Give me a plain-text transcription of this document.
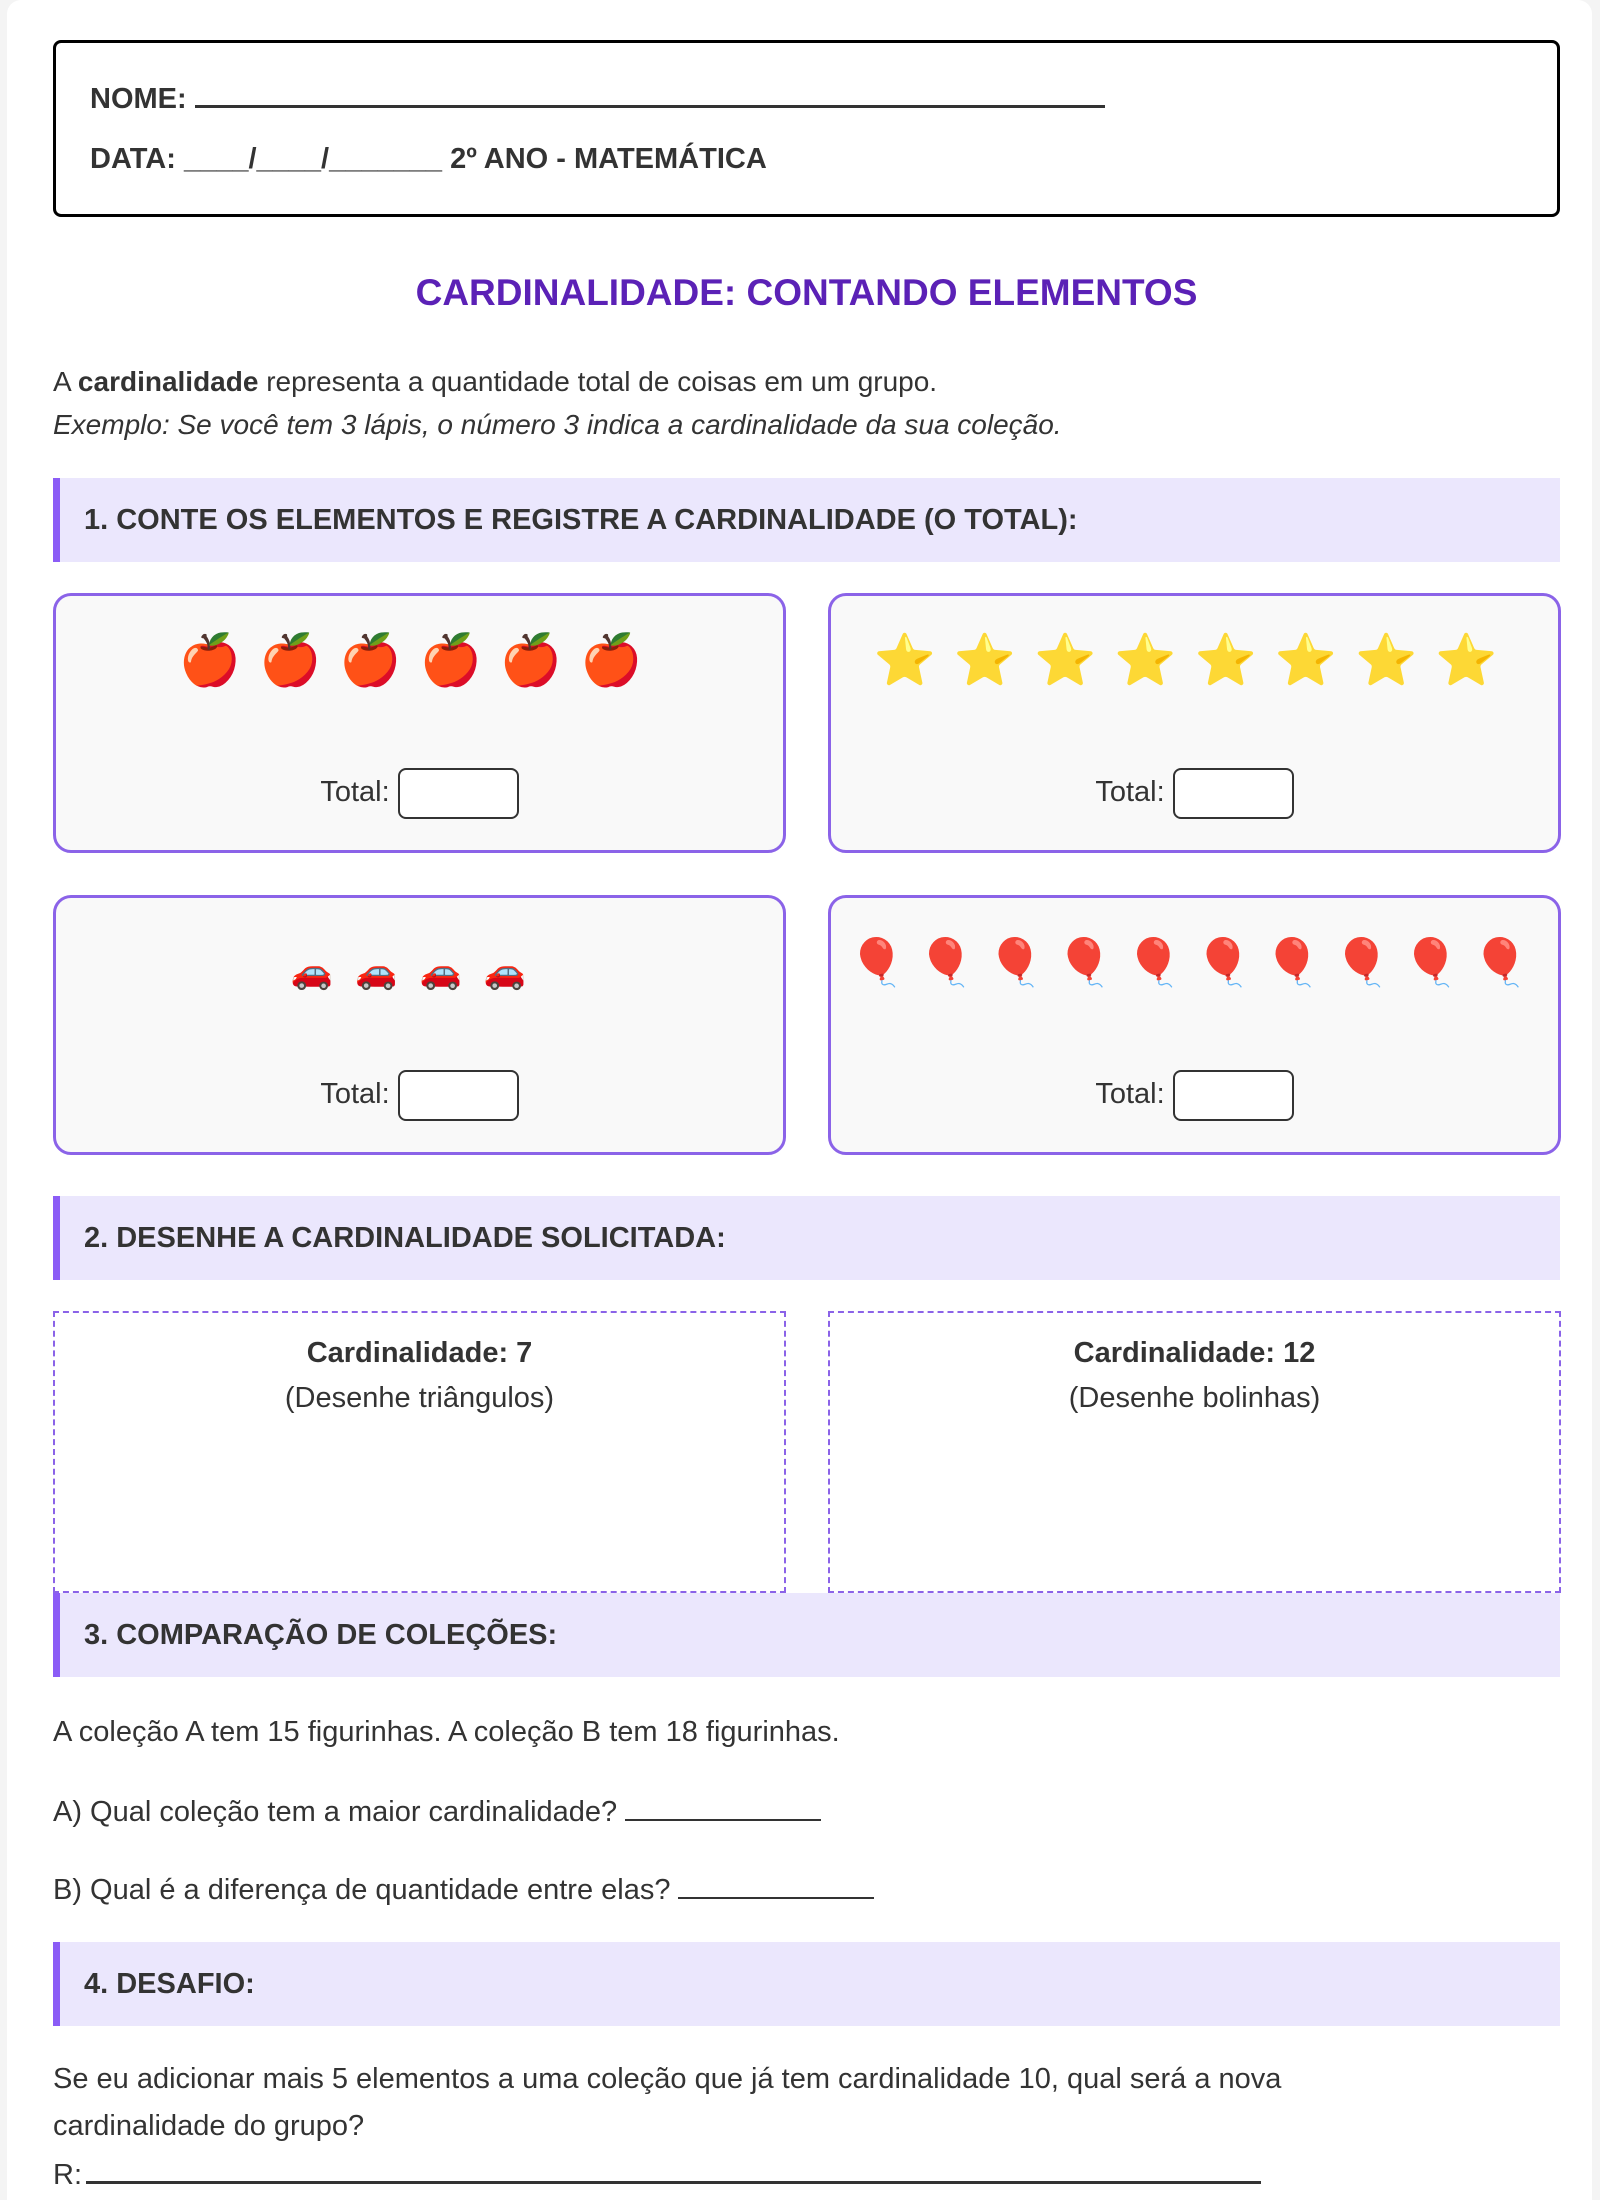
NOME:
DATA: ____/____/_______ 2º ANO - MATEMÁTICA
CARDINALIDADE: CONTANDO ELEMENTOS
A cardinalidade representa a quantidade total de coisas em um grupo.
Exemplo: Se você tem 3 lápis, o número 3 indica a cardinalidade da sua coleção.
1. CONTE OS ELEMENTOS E REGISTRE A CARDINALIDADE (O TOTAL):
🍎🍎🍎🍎🍎🍎
Total:
⭐⭐⭐⭐⭐⭐⭐⭐
Total:
🚗🚗🚗🚗
Total:
🎈🎈🎈🎈🎈🎈🎈🎈🎈🎈
Total:
2. DESENHE A CARDINALIDADE SOLICITADA:
Cardinalidade: 7
(Desenhe triângulos)
Cardinalidade: 12
(Desenhe bolinhas)
3. COMPARAÇÃO DE COLEÇÕES:
A coleção A tem 15 figurinhas. A coleção B tem 18 figurinhas.
A) Qual coleção tem a maior cardinalidade?
B) Qual é a diferença de quantidade entre elas?
4. DESAFIO:
Se eu adicionar mais 5 elementos a uma coleção que já tem cardinalidade 10, qual será a nova
cardinalidade do grupo?
R:
